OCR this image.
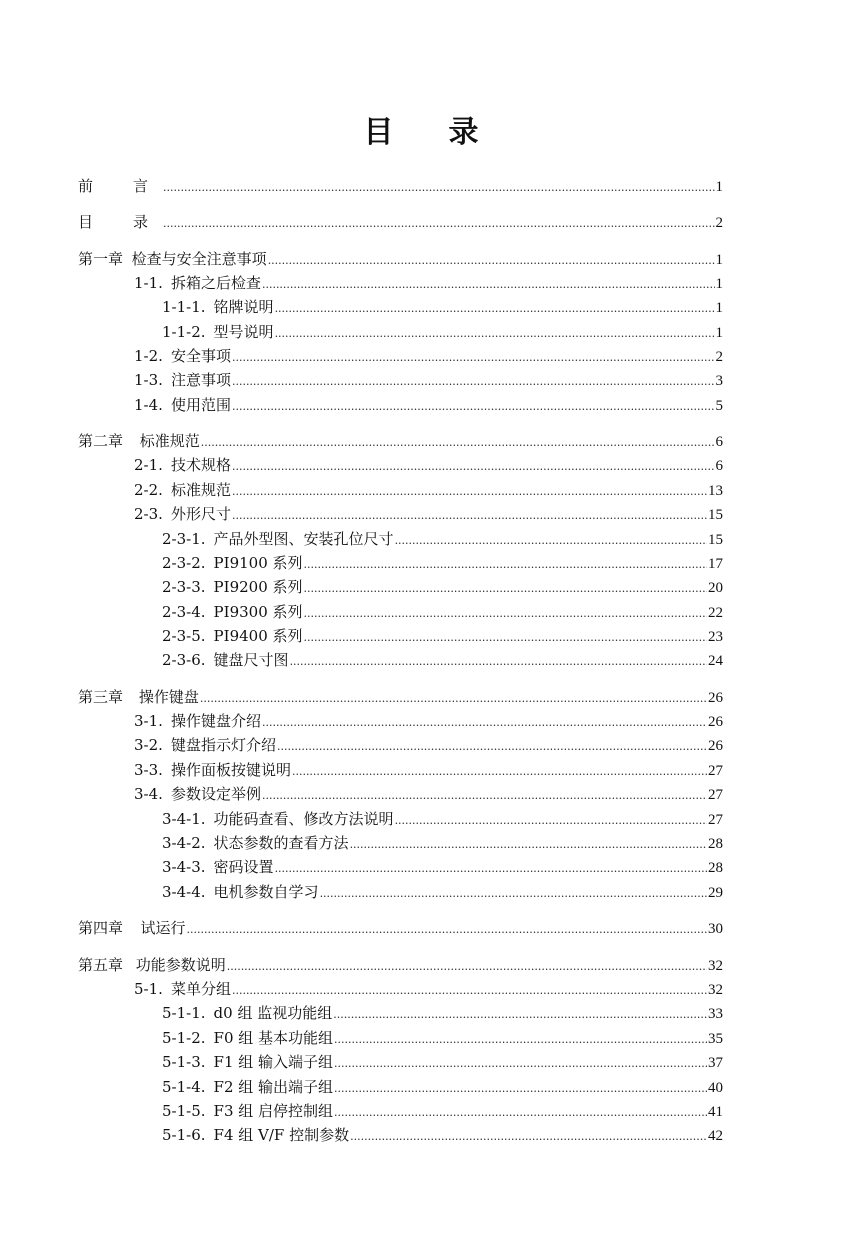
目录
前言 .....	1
目录 .....	2
第一章 检查与安全注意事项 .....	1
1-1. 拆箱之后检查 .....	1
1-1-1. 铭牌说明 .....	1
1-1-2. 型号说明 .....	1
1-2. 安全事项 .....	2
1-3. 注意事项 .....	3
1-4. 使用范围 .....	5
第二章	标准规范 .....	6
2-1. 技术规格 .....	6
2-2. 标准规范 .....	13
2-3. 外形尺寸 .....	15
2-3-1. 产品外型图、安装孔位尺寸 .....	15
2-3-2. PI9100 系列 .....	17
2-3-3. PI9200 系列 .....	20
2-3-4. PI9300 系列 .....	22
2-3-5. PI9400 系列 .....	23
2-3-6. 键盘尺寸图 .....	24
第三章	操作键盘 .....	26
3-1. 操作键盘介绍 .....	26
3-2. 键盘指示灯介绍 .....	26
3-3. 操作面板按键说明 .....	27
3-4. 参数设定举例 .....	27
3-4-1. 功能码查看、修改方法说明 .....	27
3-4-2. 状态参数的查看方法 .....	28
3-4-3. 密码设置 .....	28
3-4-4. 电机参数自学习 .....	29
第四章	试运行 .....	30
第五章 功能参数说明 .....	32
5-1. 菜单分组 .....	32
5-1-1. d0 组 监视功能组 .....	33
5-1-2. F0 组 基本功能组 .....	35
5-1-3. F1 组 输入端子组 .....	37
5-1-4. F2 组 输出端子组 .....	40
5-1-5. F3 组 启停控制组 .....	41
5-1-6. F4 组 V/F 控制参数 .....	42
